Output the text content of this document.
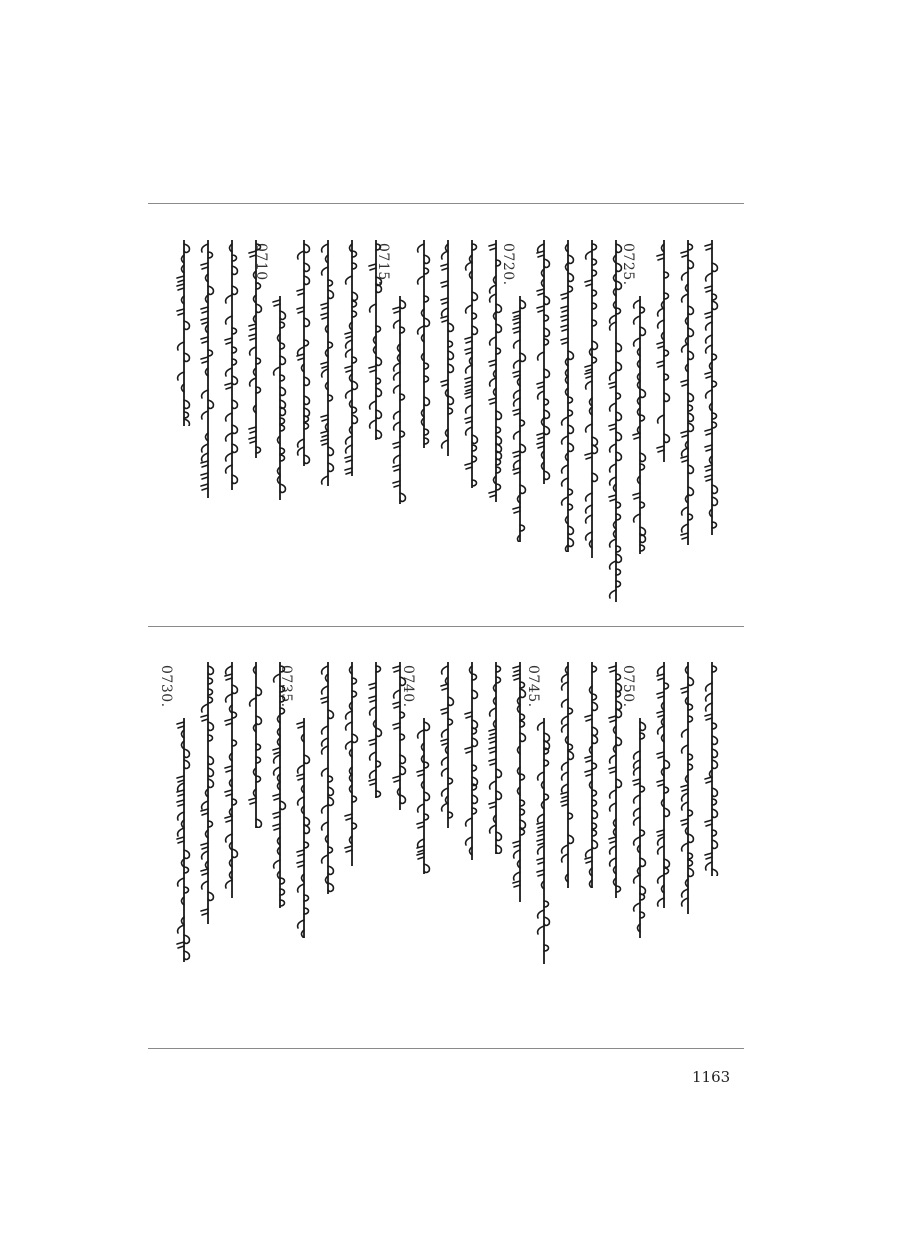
0725.
0720.
0715.
0710.
0750.
0745.
0740.
0735.
0730.
1163
